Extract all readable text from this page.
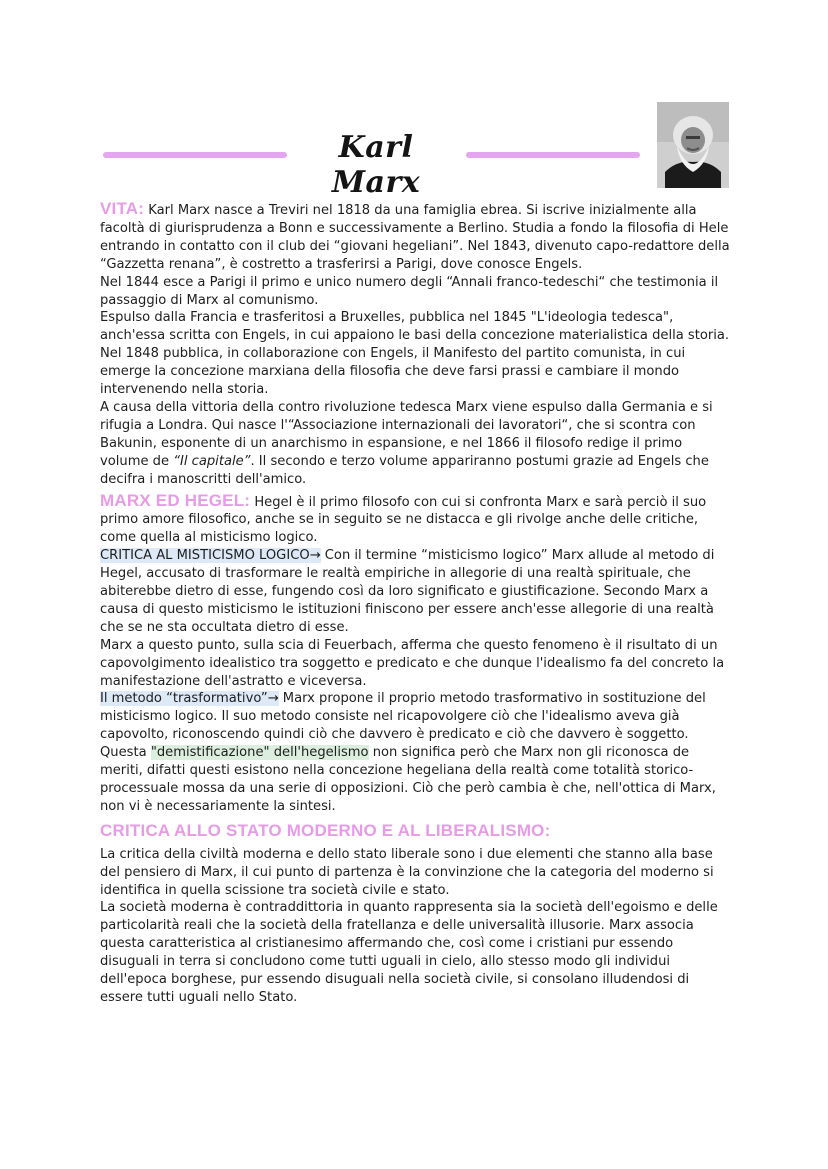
Karl Marx

VITA: Karl Marx nasce a Treviri nel 1818 da una famiglia ebrea. Si iscrive inizialmente alla facoltà di giurisprudenza a Bonn e successivamente a Berlino. Studia a fondo la filosofia di Hele entrando in contatto con il club dei “giovani hegeliani”. Nel 1843, divenuto capo-redattore della “Gazzetta renana”, è costretto a trasferirsi a Parigi, dove conosce Engels.

Nel 1844 esce a Parigi il primo e unico numero degli “Annali franco-tedeschi“ che testimonia il passaggio di Marx al comunismo.

Espulso dalla Francia e trasferitosi a Bruxelles, pubblica nel 1845 "L'ideologia tedesca", anch'essa scritta con Engels, in cui appaiono le basi della concezione materialistica della storia. Nel 1848 pubblica, in collaborazione con Engels, il Manifesto del partito comunista, in cui emerge la concezione marxiana della filosofia che deve farsi prassi e cambiare il mondo intervenendo nella storia.

A causa della vittoria della contro rivoluzione tedesca Marx viene espulso dalla Germania e si rifugia a Londra. Qui nasce l'“Associazione internazionali dei lavoratori“, che si scontra con Bakunin, esponente di un anarchismo in espansione, e nel 1866 il filosofo redige il primo volume de “Il capitale”. Il secondo e terzo volume appariranno postumi grazie ad Engels che decifra i manoscritti dell'amico.

MARX ED HEGEL: Hegel è il primo filosofo con cui si confronta Marx e sarà perciò il suo primo amore filosofico, anche se in seguito se ne distacca e gli rivolge anche delle critiche, come quella al misticismo logico.

CRITICA AL MISTICISMO LOGICO→ Con il termine “misticismo logico” Marx allude al metodo di Hegel, accusato di trasformare le realtà empiriche in allegorie di una realtà spirituale, che abiterebbe dietro di esse, fungendo così da loro significato e giustificazione. Secondo Marx a causa di questo misticismo le istituzioni finiscono per essere anch'esse allegorie di una realtà che se ne sta occultata dietro di esse.

Marx a questo punto, sulla scia di Feuerbach, afferma che questo fenomeno è il risultato di un capovolgimento idealistico tra soggetto e predicato e che dunque l'idealismo fa del concreto la manifestazione dell'astratto e viceversa.

Il metodo “trasformativo”→ Marx propone il proprio metodo trasformativo in sostituzione del misticismo logico. Il suo metodo consiste nel ricapovolgere ciò che l'idealismo aveva già capovolto, riconoscendo quindi ciò che davvero è predicato e ciò che davvero è soggetto.

Questa "demistificazione" dell'hegelismo non significa però che Marx non gli riconosca de meriti, difatti questi esistono nella concezione hegeliana della realtà come totalità storico-processuale mossa da una serie di opposizioni. Ciò che però cambia è che, nell'ottica di Marx, non vi è necessariamente la sintesi.

CRITICA ALLO STATO MODERNO E AL LIBERALISMO:

La critica della civiltà moderna e dello stato liberale sono i due elementi che stanno alla base del pensiero di Marx, il cui punto di partenza è la convinzione che la categoria del moderno si identifica in quella scissione tra società civile e stato.

La società moderna è contraddittoria in quanto rappresenta sia la società dell'egoismo e delle particolarità reali che la società della fratellanza e delle universalità illusorie. Marx associa questa caratteristica al cristianesimo affermando che, così come i cristiani pur essendo disuguali in terra si concludono come tutti uguali in cielo, allo stesso modo gli individui dell'epoca borghese, pur essendo disuguali nella società civile, si consolano illudendosi di essere tutti uguali nello Stato.
